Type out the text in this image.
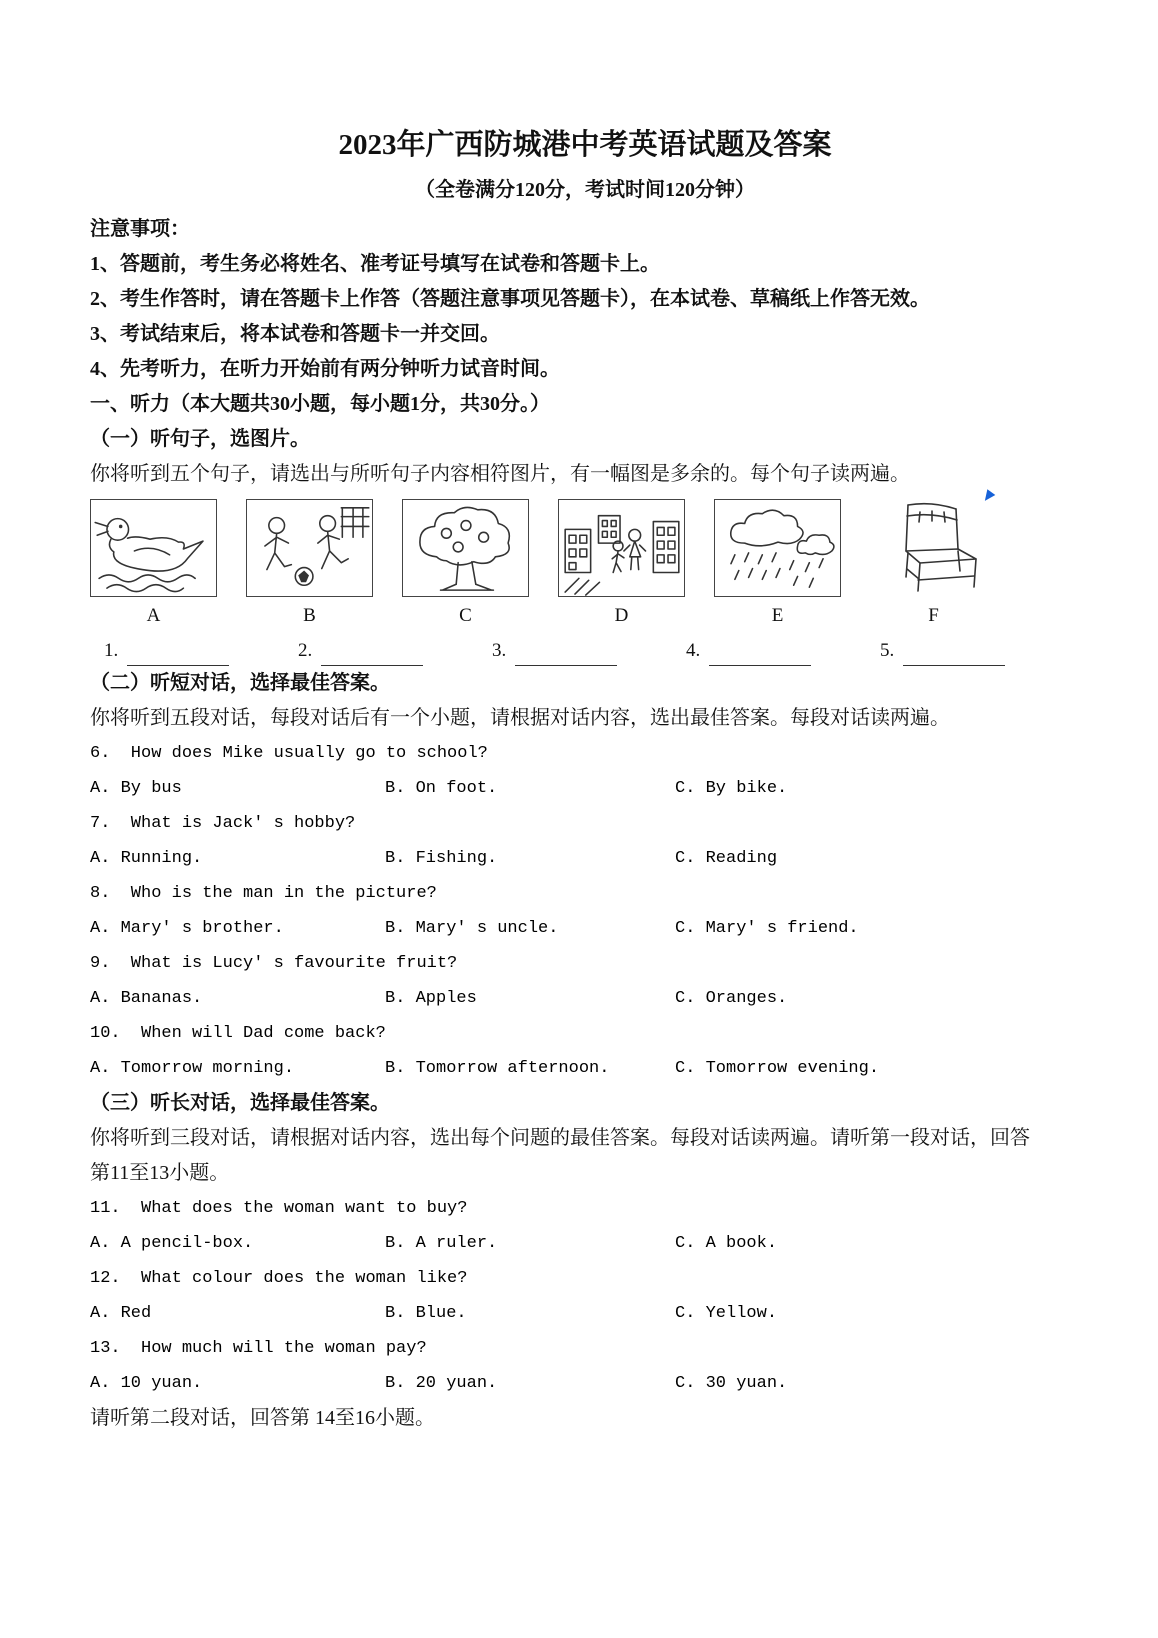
2023年广西防城港中考英语试题及答案
（全卷满分120分，考试时间120分钟）
注意事项：
1、答题前，考生务必将姓名、准考证号填写在试卷和答题卡上。
2、考生作答时，请在答题卡上作答（答题注意事项见答题卡），在本试卷、草稿纸上作答无效。
3、考试结束后，将本试卷和答题卡一并交回。
4、先考听力，在听力开始前有两分钟听力试音时间。
一、听力（本大题共30小题，每小题1分，共30分。）
（一）听句子，选图片。
你将听到五个句子，请选出与所听句子内容相符图片，有一幅图是多余的。每个句子读两遍。
A	B	C	D	E	F
1.	2.	3.	4.	5.
（二）听短对话，选择最佳答案。
你将听到五段对话，每段对话后有一个小题，请根据对话内容，选出最佳答案。每段对话读两遍。
6.  How does Mike usually go to school?
A. By bus	B. On foot.	C. By bike.
7.  What is Jack' s hobby?
A. Running.	B. Fishing.	C. Reading
8.  Who is the man in the picture?
A. Mary' s brother.	B. Mary' s uncle.	C. Mary' s friend.
9.  What is Lucy' s favourite fruit?
A. Bananas.	B. Apples	C. Oranges.
10.  When will Dad come back?
A. Tomorrow morning.	B. Tomorrow afternoon.	C. Tomorrow evening.
（三）听长对话，选择最佳答案。
你将听到三段对话，请根据对话内容，选出每个问题的最佳答案。每段对话读两遍。请听第一段对话，回答
第11至13小题。
11.  What does the woman want to buy?
A. A pencil-box.	B. A ruler.	C. A book.
12.  What colour does the woman like?
A. Red	B. Blue.	C. Yellow.
13.  How much will the woman pay?
A. 10 yuan.	B. 20 yuan.	C. 30 yuan.
请听第二段对话，回答第 14至16小题。
